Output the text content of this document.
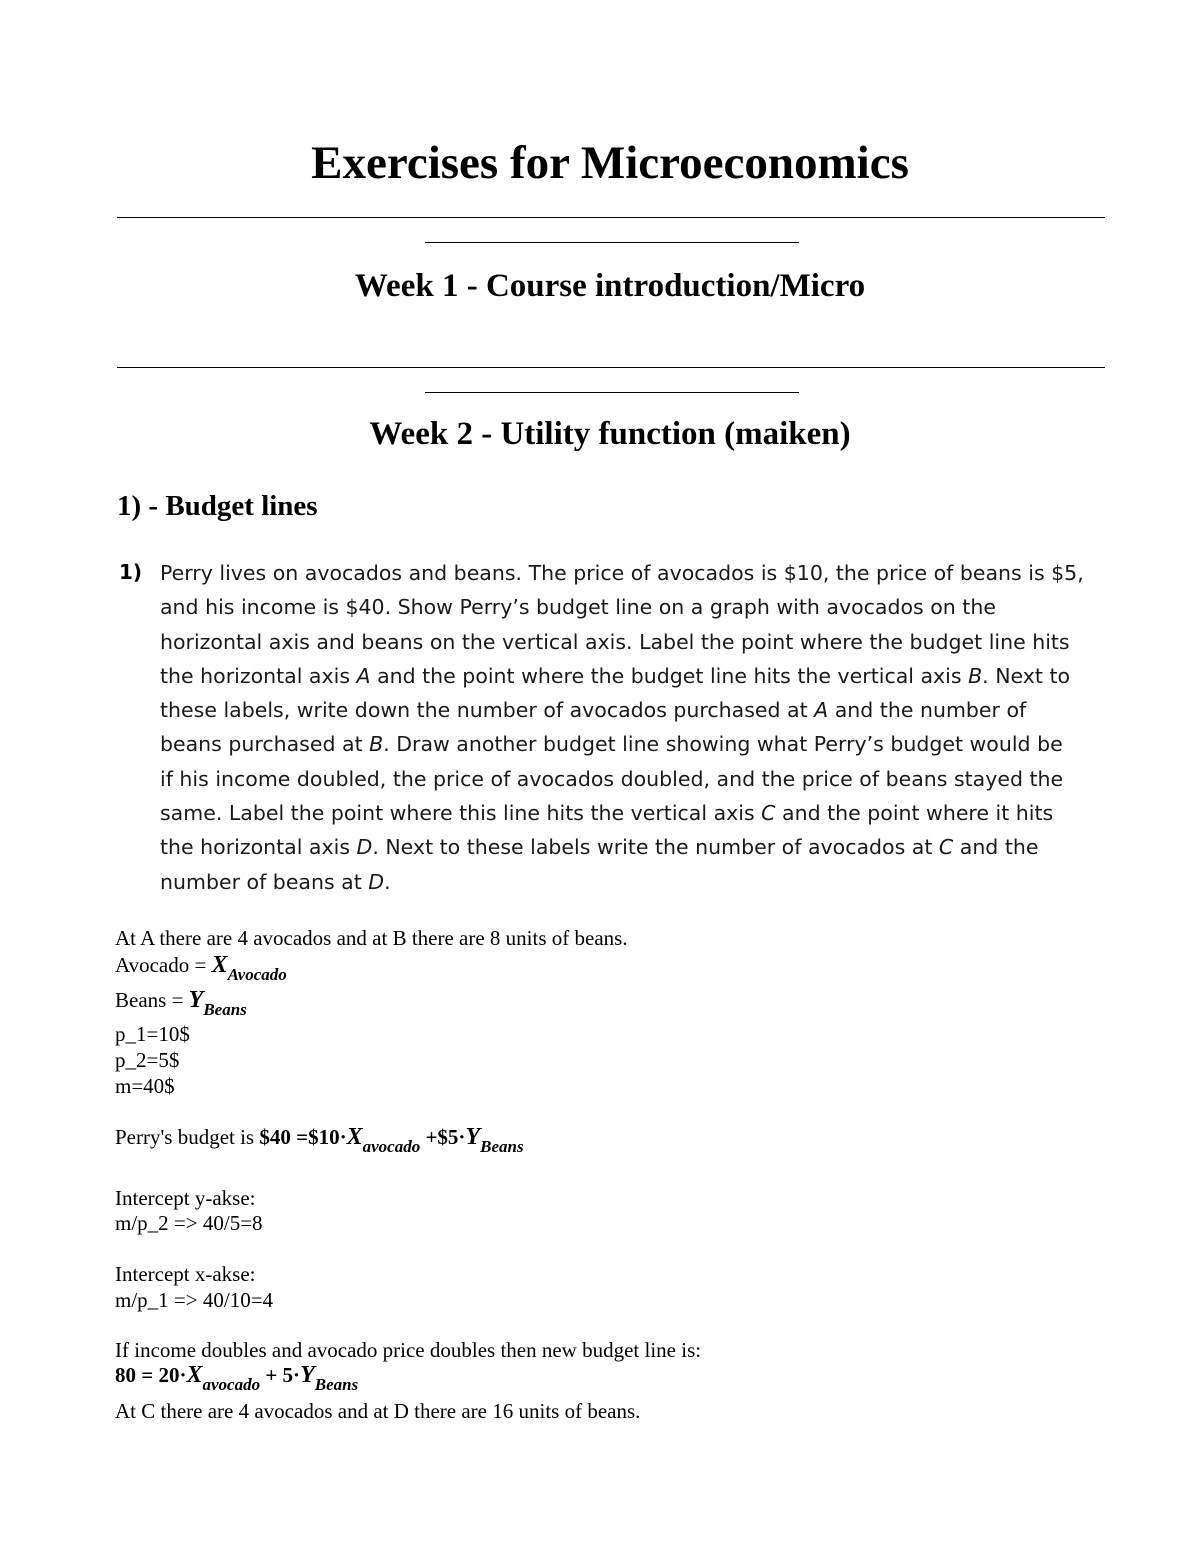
Exercises for Microeconomics
Week 1 - Course introduction/Micro
Week 2 - Utility function (maiken)
1) - Budget lines
1) Perry lives on avocados and beans. The price of avocados is $10, the price of beans is $5,
and his income is $40. Show Perry’s budget line on a graph with avocados on the
horizontal axis and beans on the vertical axis. Label the point where the budget line hits
the horizontal axis A and the point where the budget line hits the vertical axis B. Next to
these labels, write down the number of avocados purchased at A and the number of
beans purchased at B. Draw another budget line showing what Perry’s budget would be
if his income doubled, the price of avocados doubled, and the price of beans stayed the
same. Label the point where this line hits the vertical axis C and the point where it hits
the horizontal axis D. Next to these labels write the number of avocados at C and the
number of beans at D.
At A there are 4 avocados and at B there are 8 units of beans.
Avocado = $X_{Avocado}$
Beans = $Y_{Beans}$
p_1=10$
p_2=5$
m=40$
Perry's budget is $40 $=\$10\cdot X_{avocado}$ $+\$5\cdot Y_{Beans}$
Intercept y-akse:
m/p_2 => 40/5=8
Intercept x-akse:
m/p_1 => 40/10=4
If income doubles and avocado price doubles then new budget line is:
$80 = 20\cdot X_{avocado} + 5\cdot Y_{Beans}$
At C there are 4 avocados and at D there are 16 units of beans.
